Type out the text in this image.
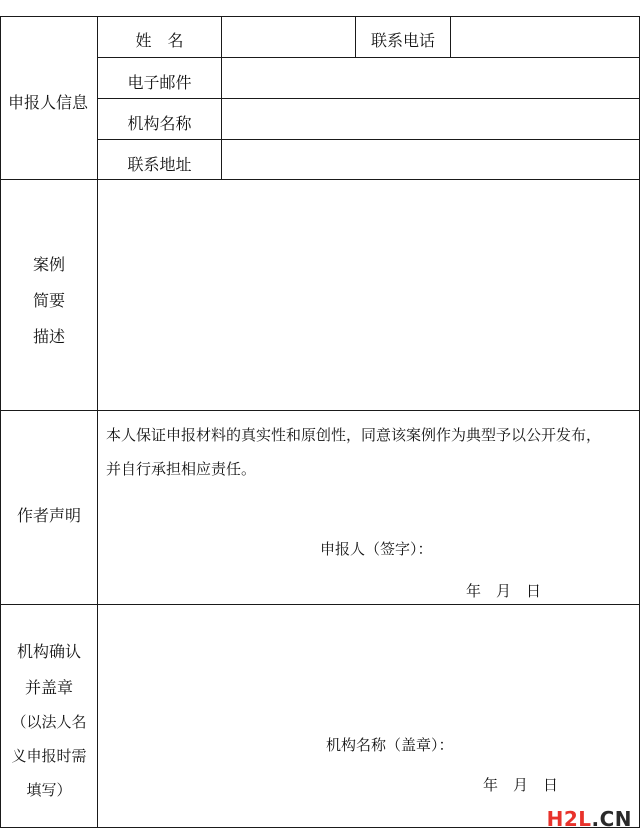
申报人信息
姓　名	联系电话
电子邮件
机构名称
联系地址
案例
简要
描述
作者声明
本人保证申报材料的真实性和原创性，同意该案例作为典型予以公开发布，
并自行承担相应责任。
申报人（签字）：
年　月　日
机构确认
并盖章
（以法人名
义申报时需
填写）
机构名称（盖章）：
年　月　日
H2L.CN
